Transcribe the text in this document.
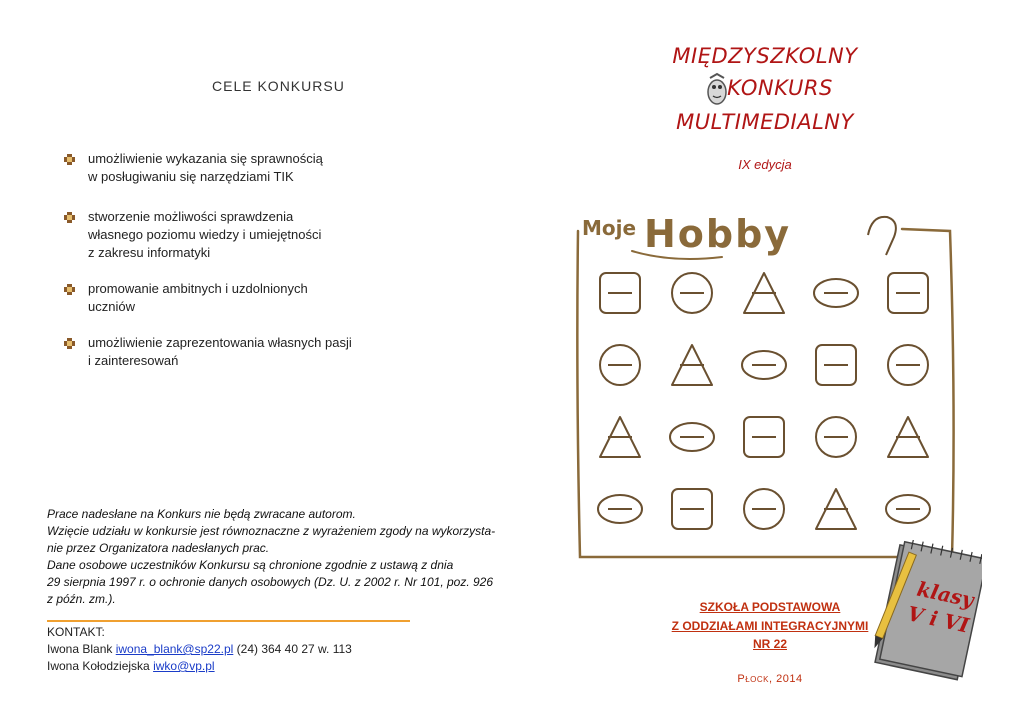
CELE KONKURSU
umożliwienie wykazania się sprawnością
w posługiwaniu się narzędziami TIK
stworzenie możliwości sprawdzenia
własnego poziomu wiedzy i umiejętności
z zakresu informatyki
promowanie ambitnych i uzdolnionych
uczniów
umożliwienie zaprezentowania własnych pasji
i zainteresowań
Prace nadesłane na Konkurs nie będą zwracane autorom.
Wzięcie udziału w konkursie jest równoznaczne z wyrażeniem zgody na wykorzysta-
nie przez Organizatora nadesłanych prac.
Dane osobowe uczestników Konkursu są chronione zgodnie z ustawą z dnia
29 sierpnia 1997 r. o ochronie danych osobowych (Dz. U. z 2002 r. Nr 101, poz. 926
z późn. zm.).
KONTAKT:
Iwona Blank iwona_blank@sp22.pl (24) 364 40 27 w. 113
Iwona Kołodziejska iwko@vp.pl
MIĘDZYSZKOLNY
KONKURS
MULTIMEDIALNY
IX edycja
Moje Hobby
klasy
V i VI
SZKOŁA PODSTAWOWA
Z ODDZIAŁAMI INTEGRACYJNYMI
NR 22
Płock, 2014
